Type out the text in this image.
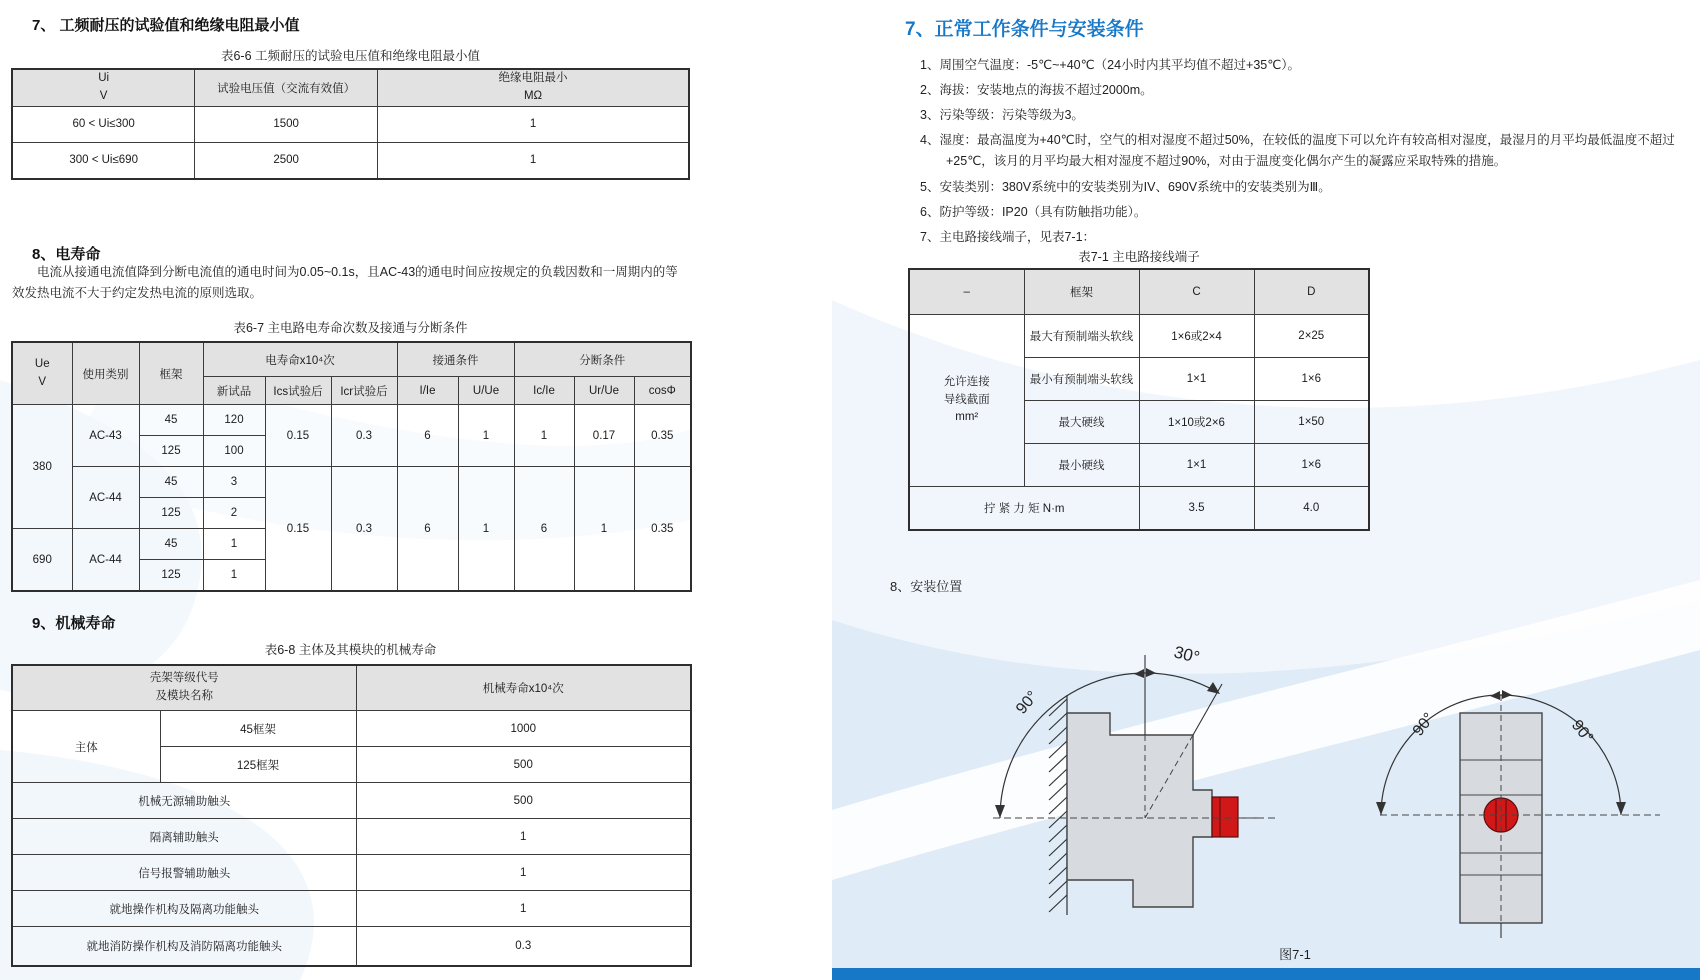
7、 工频耐压的试验值和绝缘电阻最小值
表6-6 工频耐压的试验电压值和绝缘电阻最小值
Ui
V
	试验电压值（交流有效值）	
绝缘电阻最小
MΩ

60 < Ui≤300	1500	1
300 < Ui≤690	2500	1
8、电寿命
电流从接通电流值降到分断电流值的通电时间为0.05~0.1s，且AC-43的通电时间应按规定的负载因数和一周期内的等效发热电流不大于约定发热电流的原则选取。
表6-7 主电路电寿命次数及接通与分断条件
Ue
V	使用类别	框架	电寿命x10⁴次			接通条件		分断条件		
			新试品	Ics试验后	Icr试验后	I/Ie	U/Ue	Ic/Ie	Ur/Ue	cosΦ
380	AC-43	45	120	0.15	0.3	6	1	1	0.17	0.35
		125	100							
	AC-44	45	3	0.15	0.3	6	1	6	1	0.35
		125	2							
690	AC-44	45	1							
		125	1							
9、机械寿命
表6-8 主体及其模块的机械寿命
壳架等级代号
及模块名称		机械寿命x10⁴次
主体	45框架	1000
	125框架	500
机械无源辅助触头		500
隔离辅助触头		1
信号报警辅助触头		1
就地操作机构及隔离功能触头		1
就地消防操作机构及消防隔离功能触头		0.3
7、正常工作条件与安装条件
1、周围空气温度：-5℃~+40℃（24小时内其平均值不超过+35℃）。
2、海拔：安装地点的海拔不超过2000m。
3、污染等级：污染等级为3。
4、湿度：最高温度为+40℃时，空气的相对湿度不超过50%，在较低的温度下可以允许有较高相对湿度，最湿月的月平均最低温度不超过+25℃，该月的月平均最大相对湿度不超过90%，对由于温度变化偶尔产生的凝露应采取特殊的措施。
5、安装类别：380V系统中的安装类别为IV、690V系统中的安装类别为Ⅲ。
6、防护等级：IP20（具有防触指功能）。
7、主电路接线端子，见表7-1：
表7-1 主电路接线端子
–	框架	C	D

允许连接
导线截面
mm²	最大有预制端头软线	1×6或2×4	2×25
	最小有预制端头软线	1×1	1×6
	最大硬线	1×10或2×6	1×50
	最小硬线	1×1	1×6
拧 紧 力 矩 N·m		3.5	4.0
8、安装位置
90°
30°
90°	90°
图7-1
